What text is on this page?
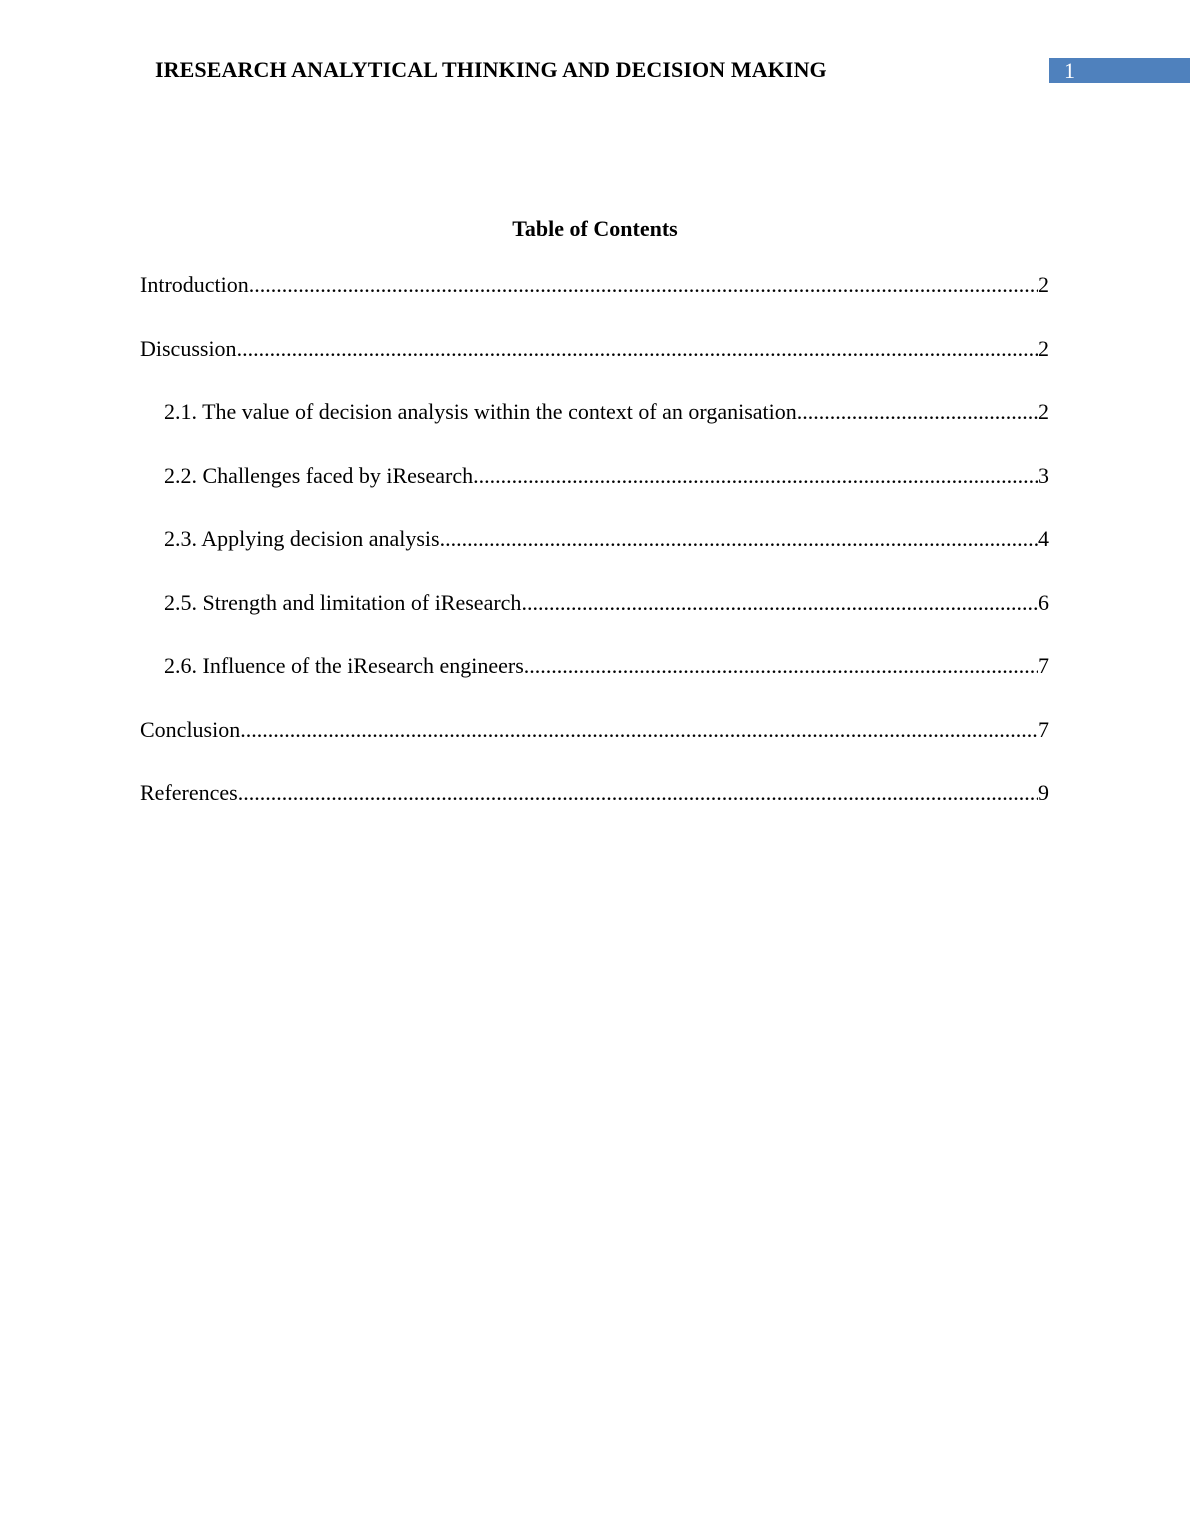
IRESEARCH ANALYTICAL THINKING AND DECISION MAKING	1
Table of Contents
Introduction .....	2
Discussion .....	2
2.1. The value of decision analysis within the context of an organisation .....	2
2.2. Challenges faced by iResearch .....	3
2.3. Applying decision analysis .....	4
2.5. Strength and limitation of iResearch .....	6
2.6. Influence of the iResearch engineers .....	7
Conclusion .....	7
References .....	9
